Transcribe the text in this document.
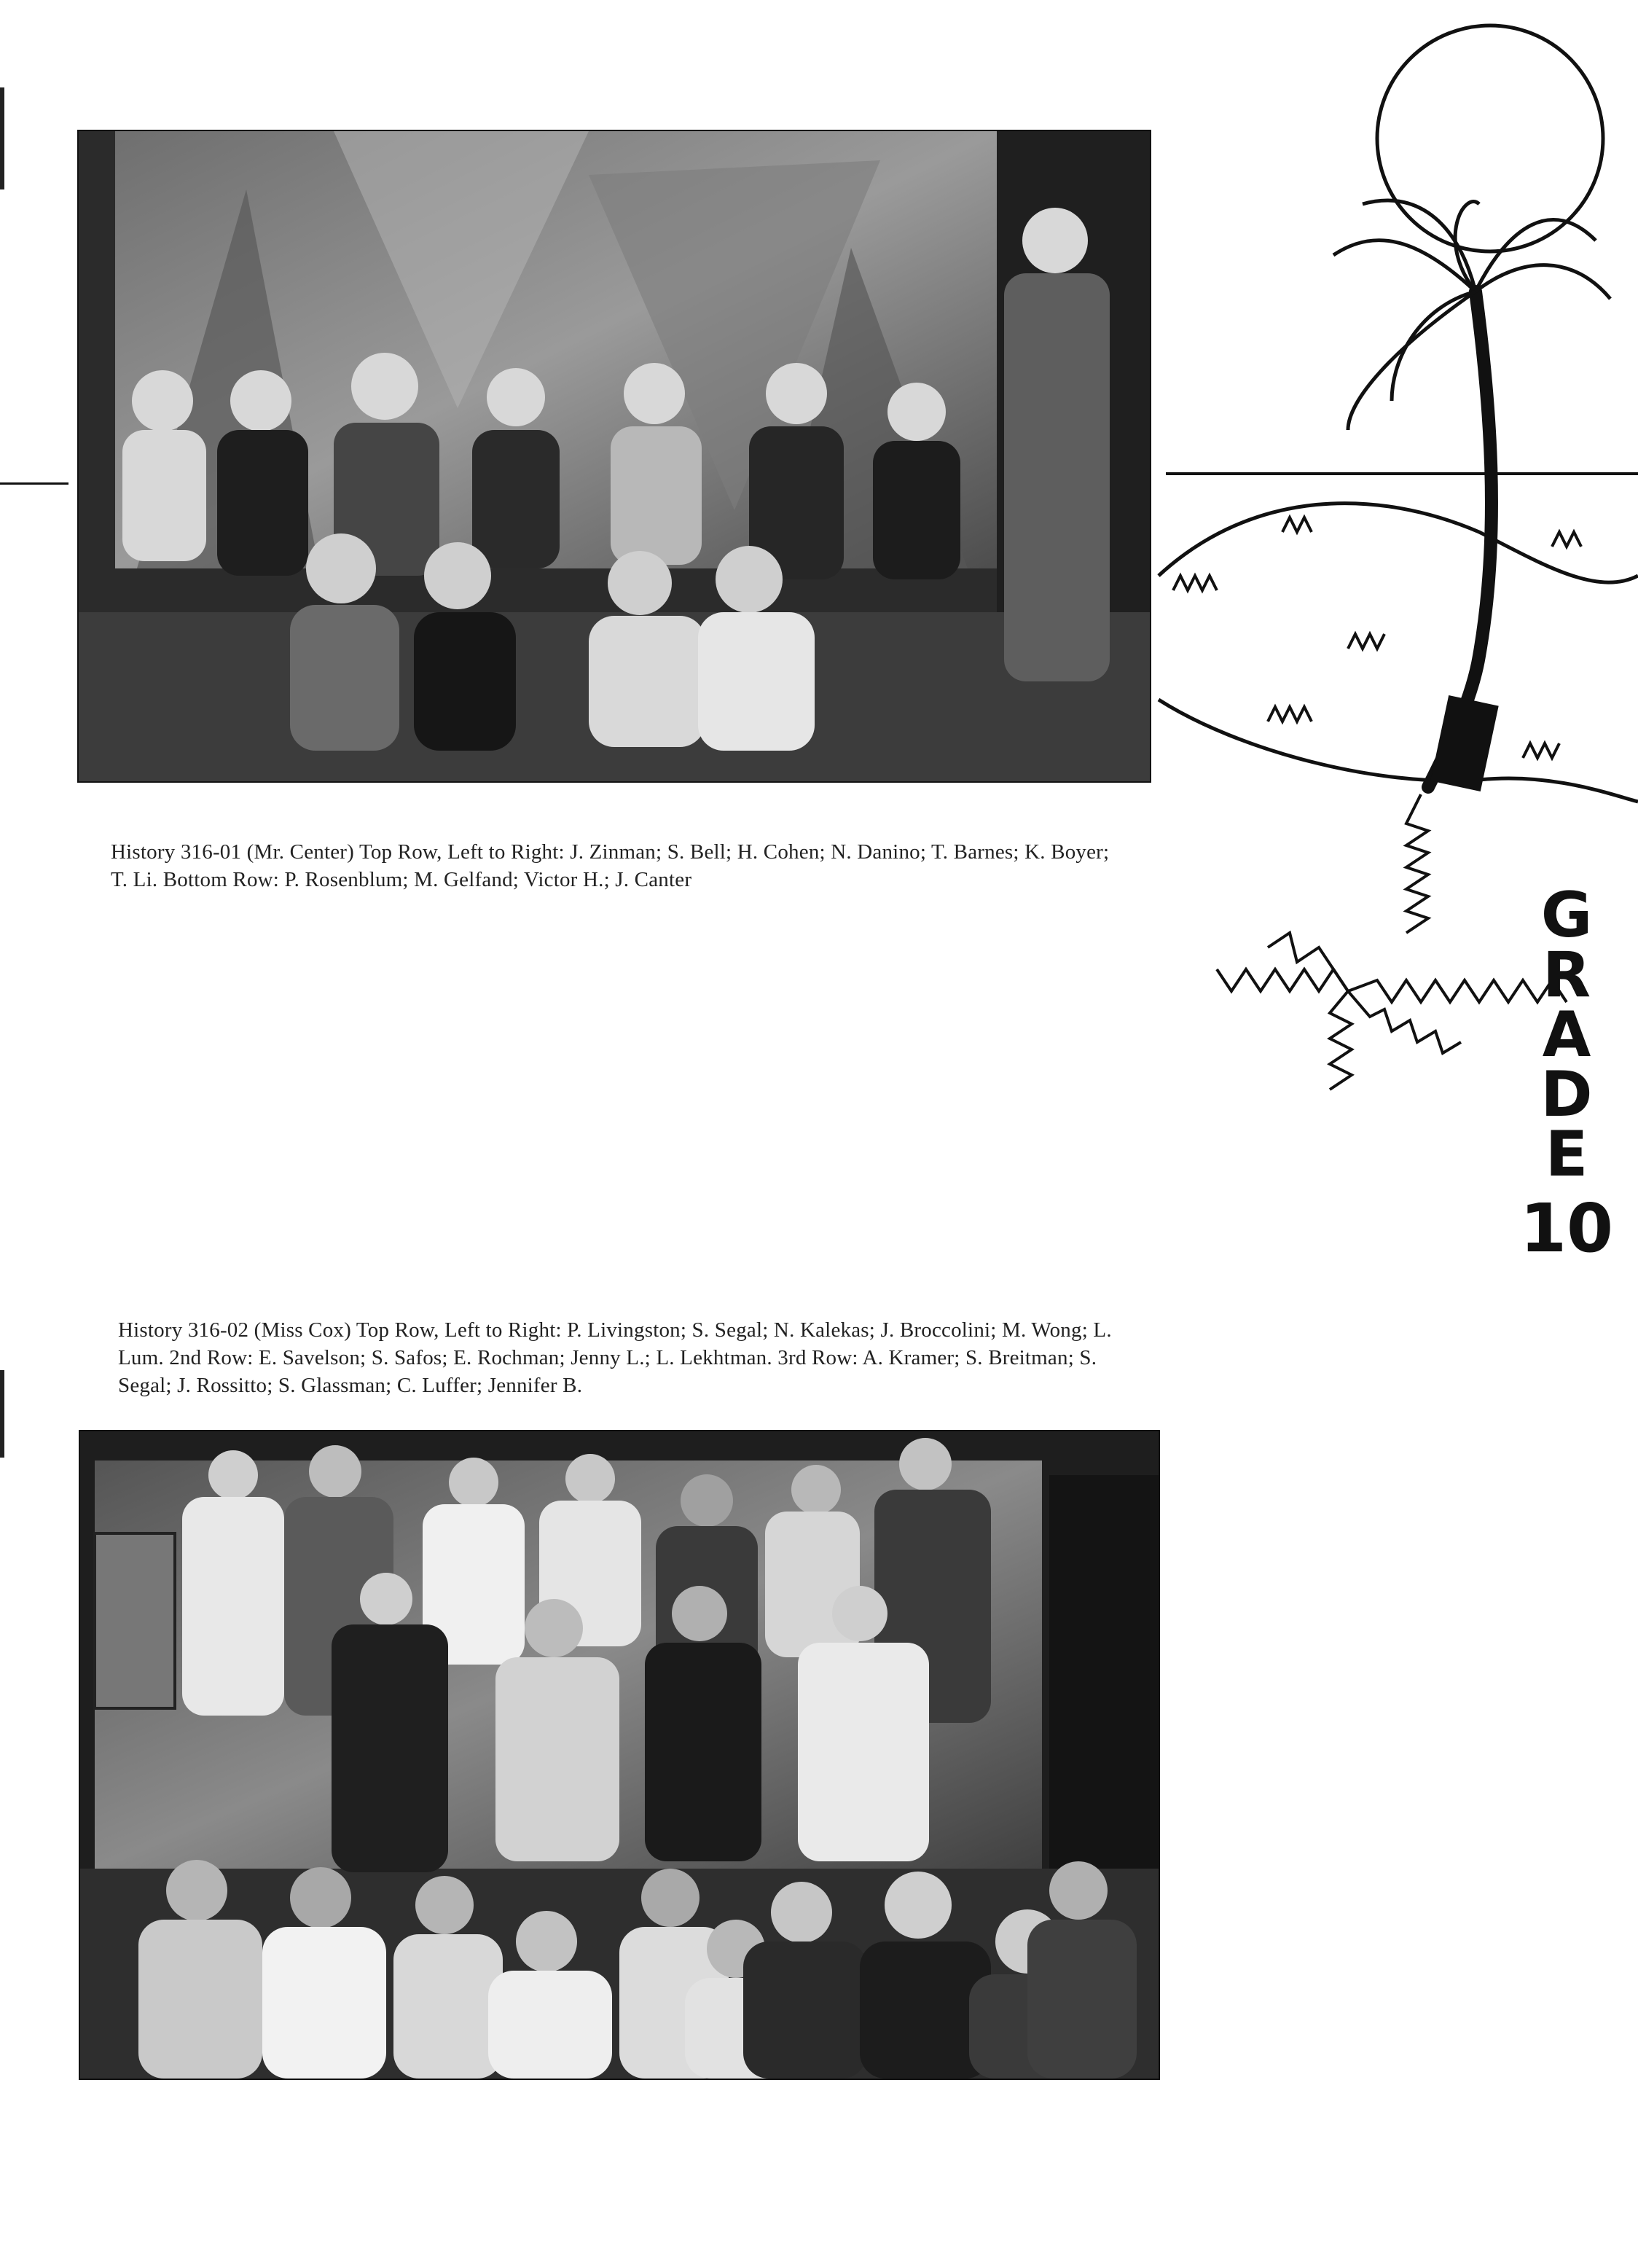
History 316-01 (Mr. Center) Top Row, Left to Right: J. Zinman; S. Bell; H. Cohen; N. Danino; T. Barnes; K. Boyer; T. Li. Bottom Row: P. Rosenblum; M. Gelfand; Victor H.; J. Canter	GRADE
10

History 316-02 (Miss Cox) Top Row, Left to Right: P. Livingston; S. Segal; N. Kalekas; J. Broccolini; M. Wong; L. Lum. 2nd Row: E. Savelson; S. Safos; E. Rochman; Jenny L.; L. Lekhtman. 3rd Row: A. Kramer; S. Breitman; S. Segal; J. Rossitto; S. Glassman; C. Luffer; Jennifer B.
